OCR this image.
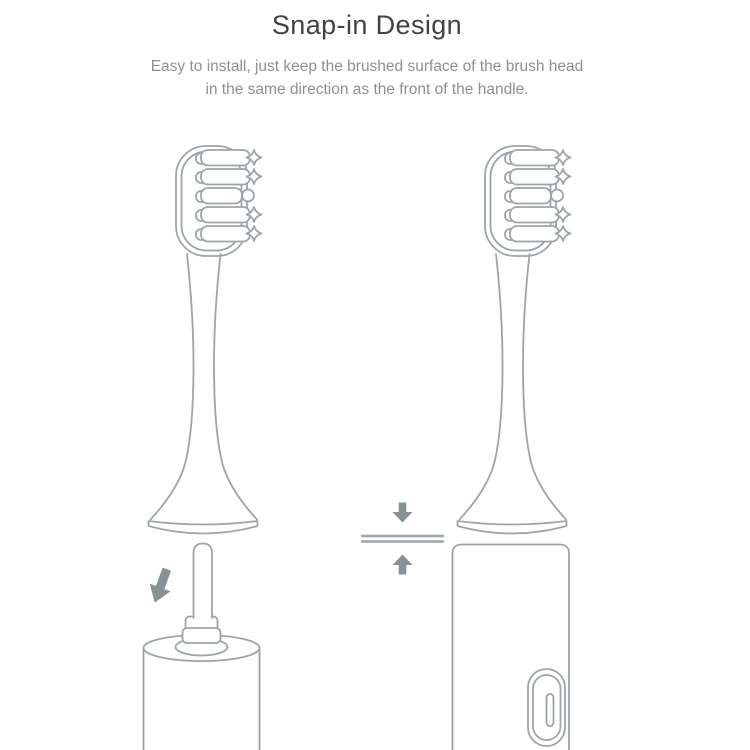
Snap-in Design

Easy to install, just keep the brushed surface of the brush head
in the same direction as the front of the handle.
